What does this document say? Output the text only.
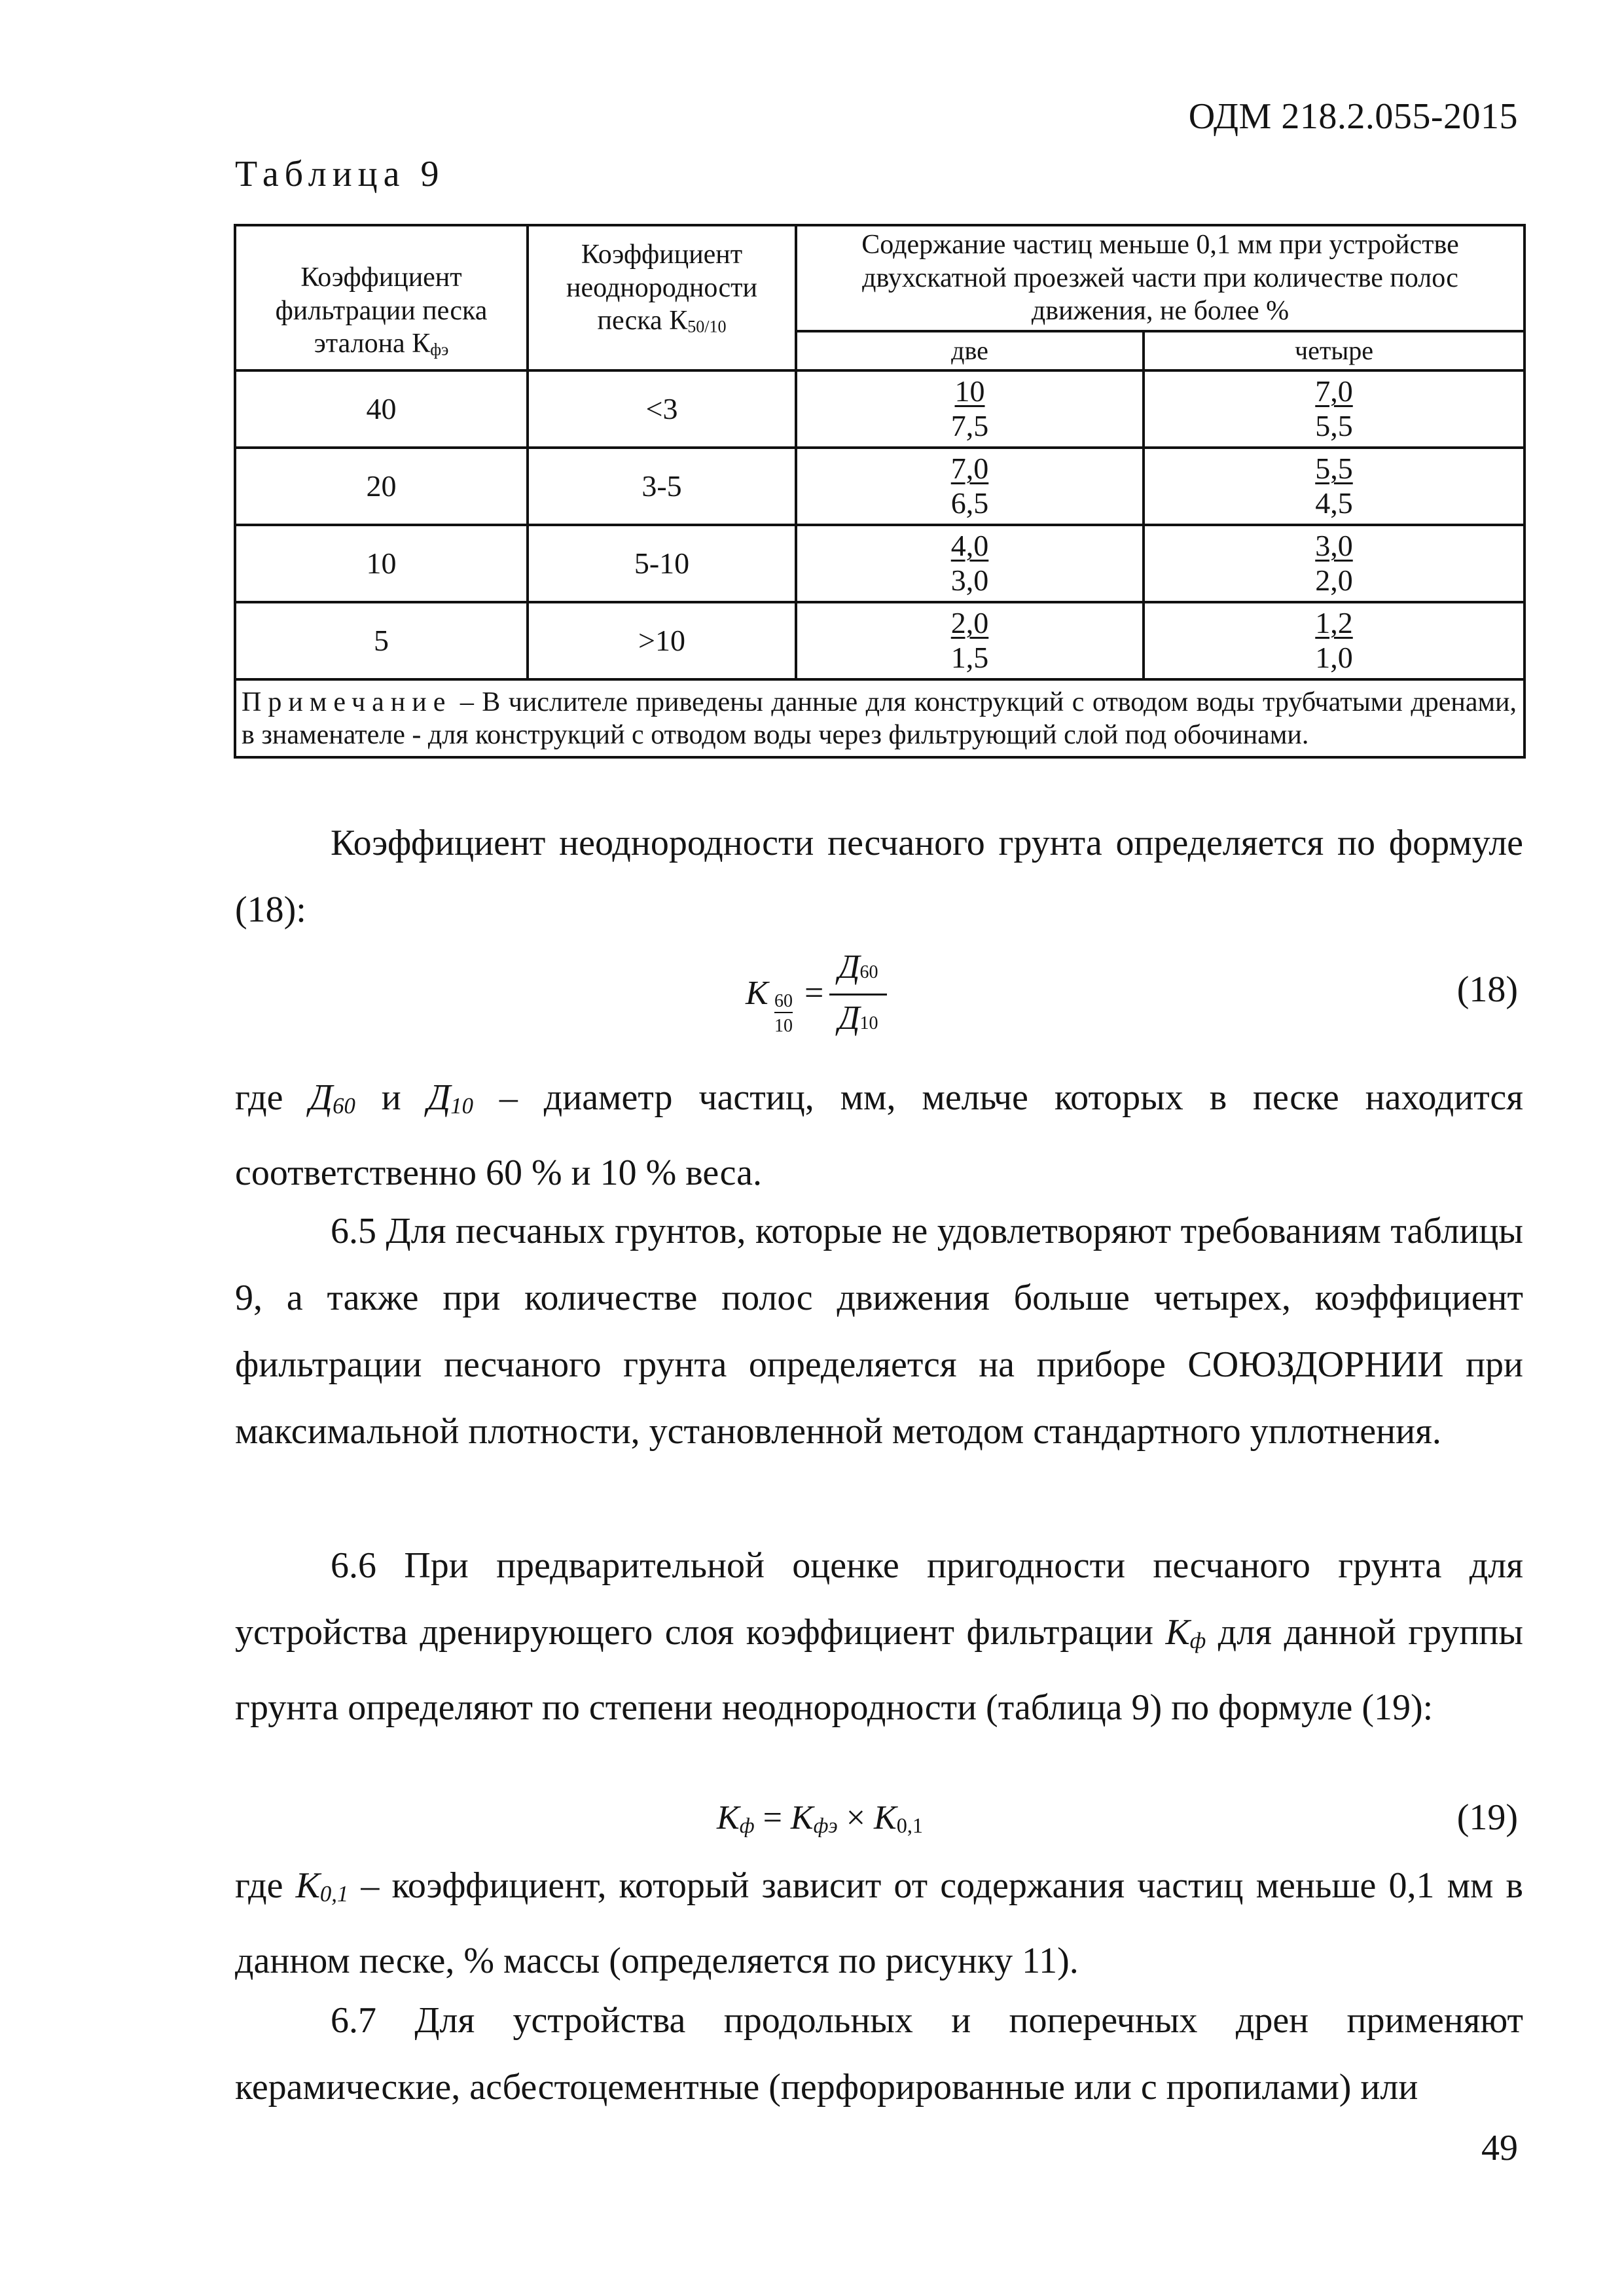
ОДМ 218.2.055-2015
Таблица 9
Коэффициент фильтрации песка эталона $К_{фэ}$	Коэффициент неоднородности песка $К_{50/10}$	Содержание частиц меньше 0,1 мм при устройстве двухскатной проезжей части при количестве полос движения, не более %	
		две	четыре
40	<3	$\frac{10}{7,5}$	$\frac{7,0}{5,5}$

20	3-5	$\frac{7,0}{6,5}$	$\frac{5,5}{4,5}$

10	5-10	$\frac{4,0}{3,0}$	$\frac{3,0}{2,0}$

5	>10	$\frac{2,0}{1,5}$	$\frac{1,2}{1,0}$

Примечание – В числителе приведены данные для конструкций с отводом воды трубчатыми дренами, в знаменателе - для конструкций с отводом воды через фильтрующий слой под обочинами.			

Коэффициент неоднородности песчаного грунта определяется по формуле (18):

K 60
10
=
Д60
Д10
(18)

где $Д_{60}$ и $Д_{10}$ – диаметр частиц, мм, мельче которых в песке находится соответственно 60 % и 10 % веса.

6.5 Для песчаных грунтов, которые не удовлетворяют требованиям таблицы 9, а также при количестве полос движения больше четырех, коэффициент фильтрации песчаного грунта определяется на приборе СОЮЗДОРНИИ при максимальной плотности, установленной методом стандартного уплотнения.

6.6 При предварительной оценке пригодности песчаного грунта для устройства дренирующего слоя коэффициент фильтрации $К_ф$ для данной группы грунта определяют по степени неоднородности (таблица 9) по формуле (19):

$K_ф = K_{фэ} \times K_{0,1}$	(19)

где $К_{0,1}$ – коэффициент, который зависит от содержания частиц меньше 0,1 мм в данном песке, % массы (определяется по рисунку 11).

6.7 Для устройства продольных и поперечных дрен применяют керамические, асбестоцементные (перфорированные или с пропилами) или

49
